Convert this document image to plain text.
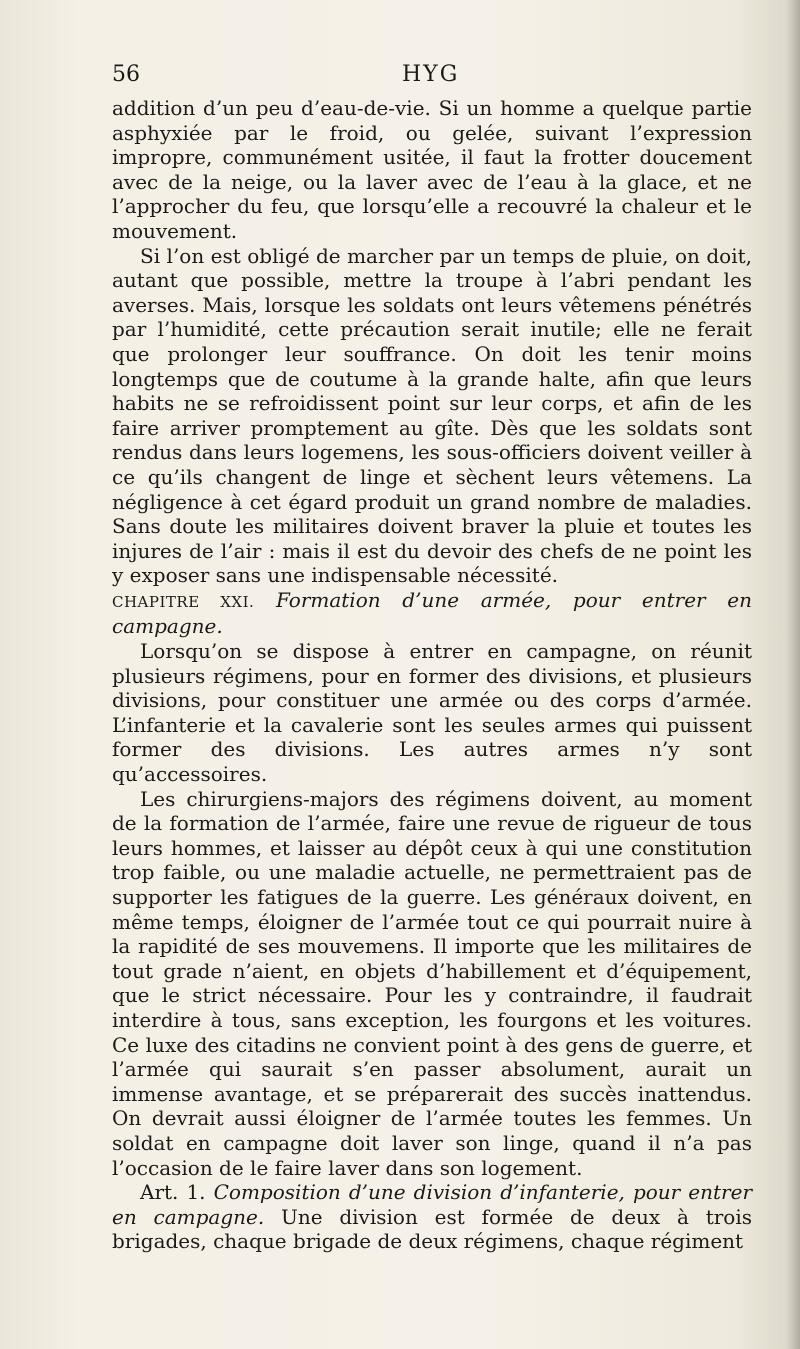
56	HYG

addition d’un peu d’eau-de-vie. Si un homme a quelque partie asphyxiée par le froid, ou gelée, suivant l’expression impropre, communément usitée, il faut la frotter doucement avec de la neige, ou la laver avec de l’eau à la glace, et ne l’approcher du feu, que lorsqu’elle a recouvré la chaleur et le mouvement.

Si l’on est obligé de marcher par un temps de pluie, on doit, autant que possible, mettre la troupe à l’abri pendant les averses. Mais, lorsque les soldats ont leurs vêtemens pénétrés par l’humidité, cette précaution serait inutile; elle ne ferait que prolonger leur souffrance. On doit les tenir moins longtemps que de coutume à la grande halte, afin que leurs habits ne se refroidissent point sur leur corps, et afin de les faire arriver promptement au gîte. Dès que les soldats sont rendus dans leurs logemens, les sous-officiers doivent veiller à ce qu’ils changent de linge et sèchent leurs vêtemens. La négligence à cet égard produit un grand nombre de maladies. Sans doute les militaires doivent braver la pluie et toutes les injures de l’air : mais il est du devoir des chefs de ne point les y exposer sans une indispensable nécessité.

CHAPITRE XXI. Formation d’une armée, pour entrer en campagne.

Lorsqu’on se dispose à entrer en campagne, on réunit plusieurs régimens, pour en former des divisions, et plusieurs divisions, pour constituer une armée ou des corps d’armée. L’infanterie et la cavalerie sont les seules armes qui puissent former des divisions. Les autres armes n’y sont qu’accessoires.

Les chirurgiens-majors des régimens doivent, au moment de la formation de l’armée, faire une revue de rigueur de tous leurs hommes, et laisser au dépôt ceux à qui une constitution trop faible, ou une maladie actuelle, ne permettraient pas de supporter les fatigues de la guerre. Les généraux doivent, en même temps, éloigner de l’armée tout ce qui pourrait nuire à la rapidité de ses mouvemens. Il importe que les militaires de tout grade n’aient, en objets d’habillement et d’équipement, que le strict nécessaire. Pour les y contraindre, il faudrait interdire à tous, sans exception, les fourgons et les voitures. Ce luxe des citadins ne convient point à des gens de guerre, et l’armée qui saurait s’en passer absolument, aurait un immense avantage, et se préparerait des succès inattendus. On devrait aussi éloigner de l’armée toutes les femmes. Un soldat en campagne doit laver son linge, quand il n’a pas l’occasion de le faire laver dans son logement.

Art. 1. Composition d’une division d’infanterie, pour entrer en campagne. Une division est formée de deux à trois brigades, chaque brigade de deux régimens, chaque régiment
